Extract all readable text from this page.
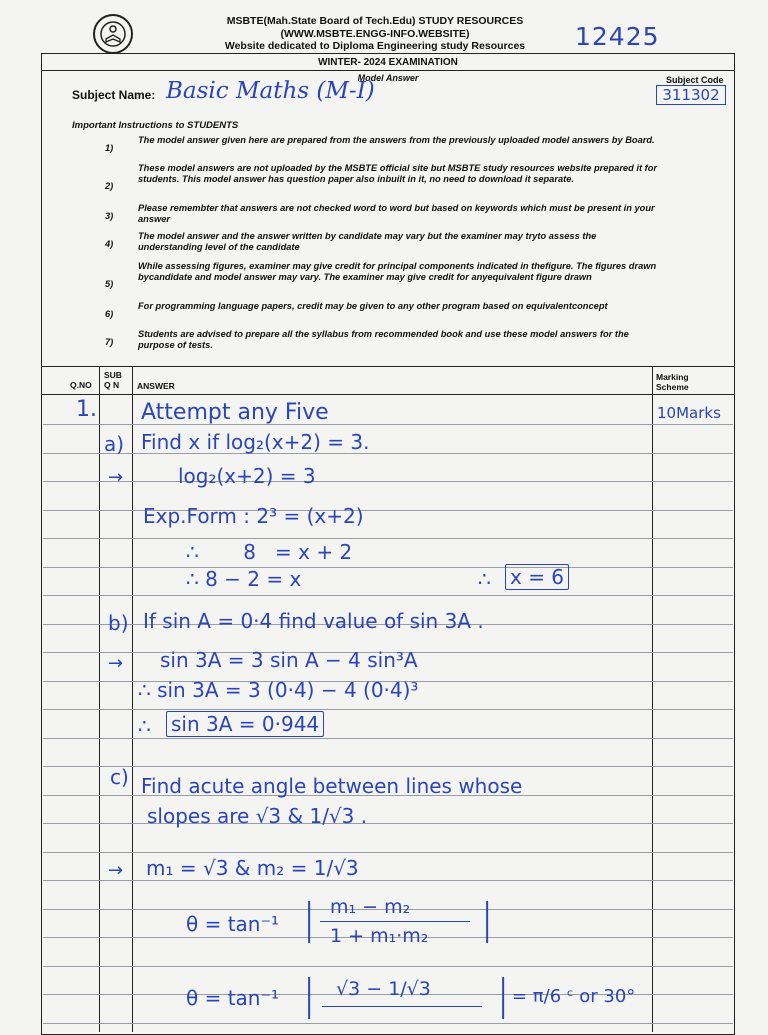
MSBTE(Mah.State Board of Tech.Edu) STUDY RESOURCES
(WWW.MSBTE.ENGG-INFO.WEBSITE)
Website dedicated to Diploma Engineering study Resources	12425
WINTER- 2024 EXAMINATION
Model Answer	Subject Code
311302
Subject Name: Basic Maths (M-I)
Important Instructions to STUDENTS
1)
The model answer given here are prepared from the answers from the previously uploaded model answers by Board.
2)
These model answers are not uploaded by the MSBTE official site but MSBTE study resources website prepared it for students. This model answer has question paper also inbuilt in it, no need to download it separate.
3)
Please remembter that answers are not checked word to word but based on keywords which must be present in your answer
4)
The model answer and the answer written by candidate may vary but the examiner may tryto assess the understanding level of the candidate
5)
While assessing figures, examiner may give credit for principal components indicated in thefigure. The figures drawn bycandidate and model answer may vary. The examiner may give credit for anyequivalent figure drawn
6)
For programming language papers, credit may be given to any other program based on equivalentconcept
7)
Students are advised to prepare all the syllabus from recommended book and use these model answers for the purpose of tests.
Q.NO
SUB
Q N ANSWER
Marking
Scheme
1. Attempt any Five	10Marks
a) Find x if log₂(x+2) = 3.
→	log₂(x+2) = 3
Exp.Form : 2³ = (x+2)
∴       8   = x + 2
∴ 8 − 2 = x	∴ x = 6
b) If sin A = 0·4 find value of sin 3A .
→ sin 3A = 3 sin A − 4 sin³A
∴ sin 3A = 3 (0·4) − 4 (0·4)³
∴ sin 3A = 0·944
c) Find acute angle between lines whose
slopes are √3 & 1/√3 .
→ m₁ = √3 & m₂ = 1/√3
θ = tan⁻¹ | m₁ − m₂
1 + m₁·m₂ |
θ = tan⁻¹ | √3 − 1/√3 | = π/6 ᶜ or 30°
